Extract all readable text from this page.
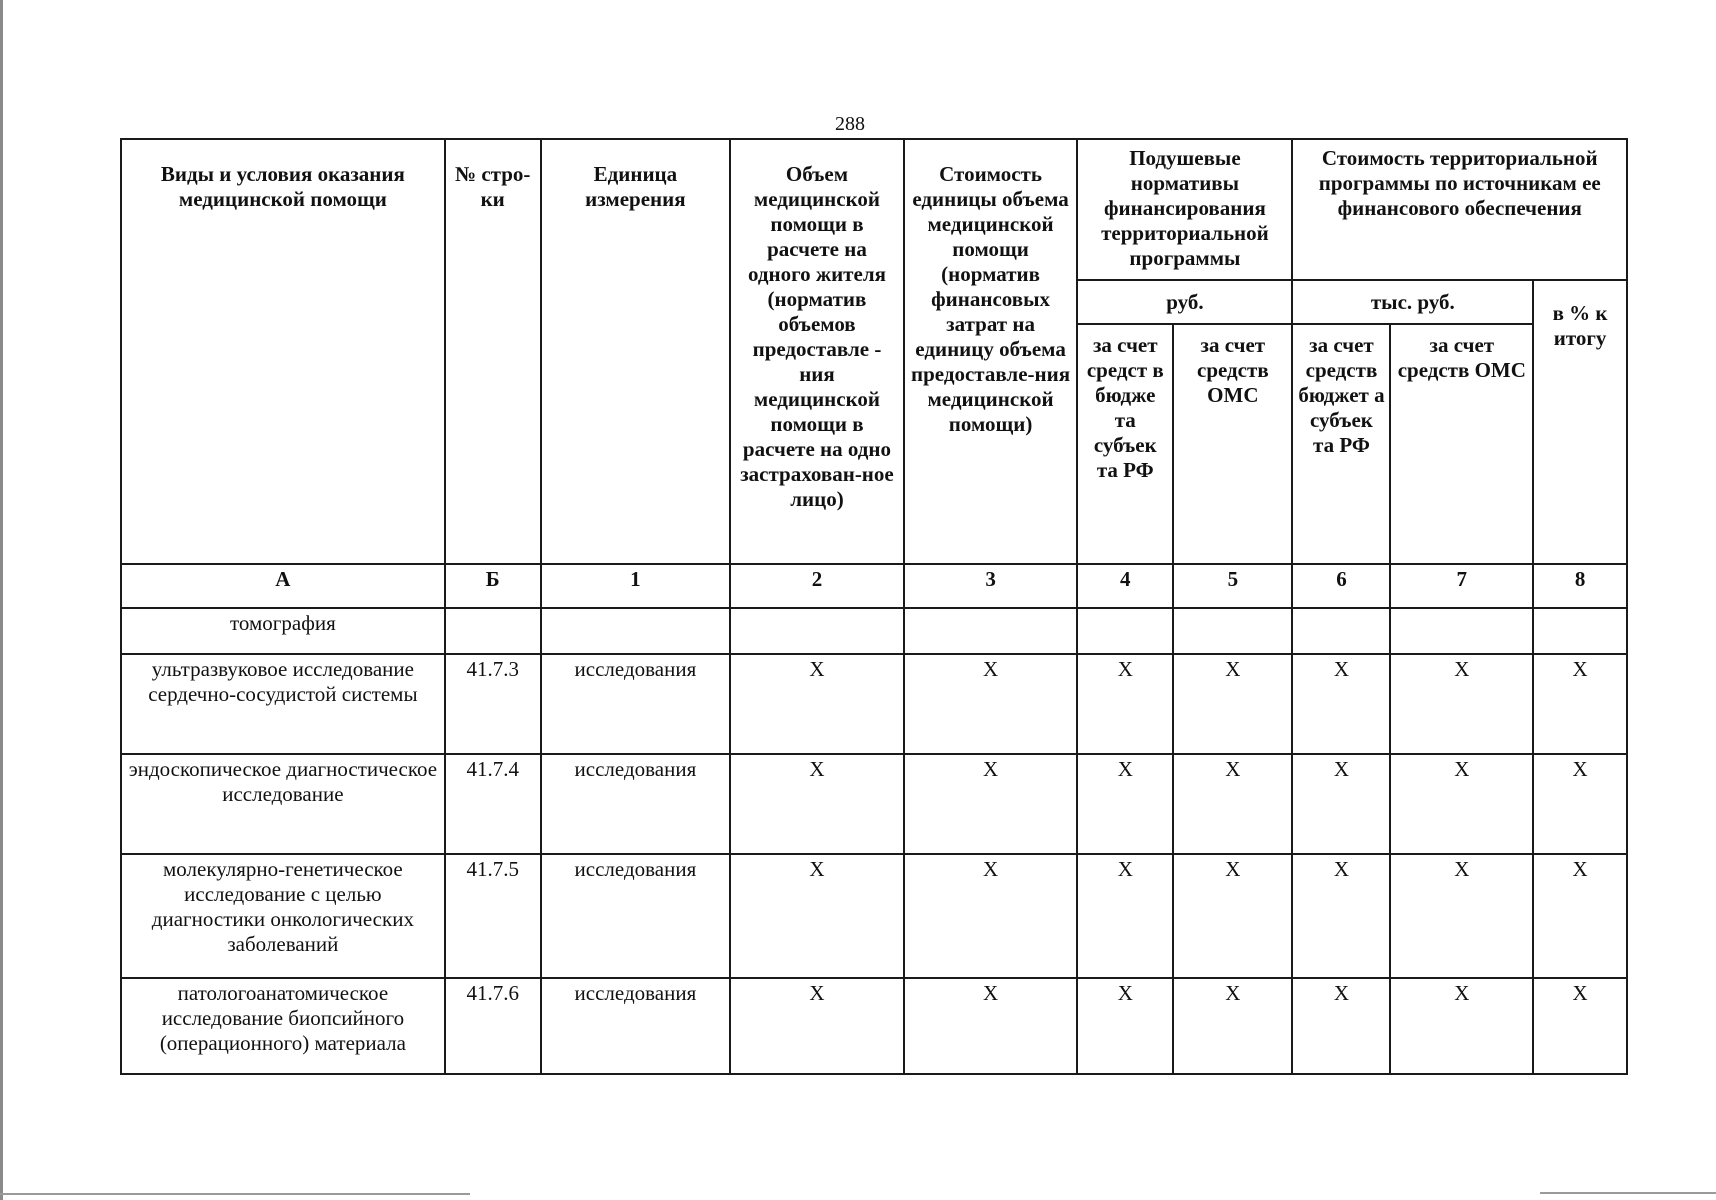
288
Виды и условия оказания медицинской помощи	№ стро-ки	Единица измерения	Объем медицинской помощи в расчете на одного жителя (норматив объемов предоставле - ния медицинской помощи в расчете на одно застрахован-ное лицо)	Стоимость единицы объема медицинской помощи (норматив финансовых затрат на единицу объема предоставле-ния медицинской помощи)	Подушевые нормативы финансирования территориальной программы		Стоимость территориальной программы по источникам ее финансового обеспечения		
					руб.		тыс. руб.		в % к итогу
					за счет средст в бюдже та субъек та РФ	за счет средств ОМС	за счет средств бюджет а субъек та РФ	за счет средств ОМС	
А	Б	1	2	3	4	5	6	7	8
томография									
ультразвуковое исследование сердечно-сосудистой системы	41.7.3	исследования	Х	Х	Х	Х	Х	Х	Х
эндоскопическое диагностическое исследование	41.7.4	исследования	Х	Х	Х	Х	Х	Х	Х
молекулярно-генетическое исследование с целью диагностики онкологических заболеваний	41.7.5	исследования	Х	Х	Х	Х	Х	Х	Х
патологоанатомическое исследование биопсийного (операционного) материала	41.7.6	исследования	Х	Х	Х	Х	Х	Х	Х
